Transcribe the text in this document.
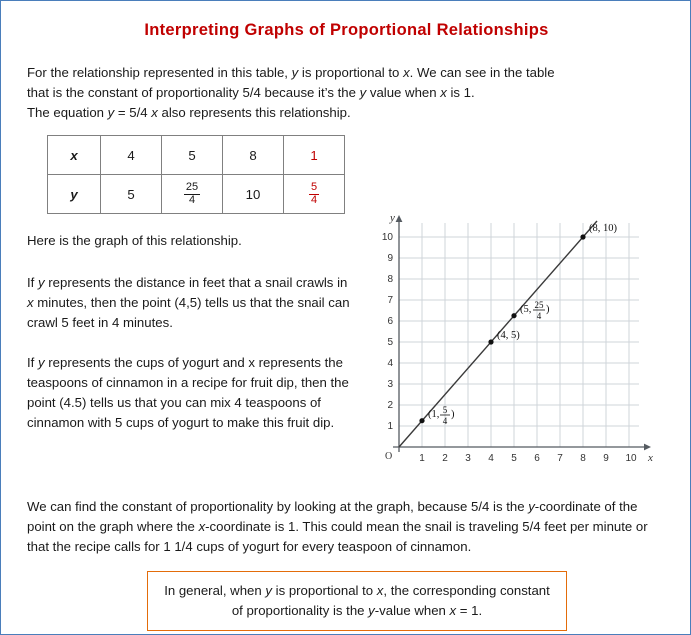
Interpreting Graphs of Proportional Relationships
For the relationship represented in this table, y is proportional to x. We can see in the table
that is the constant of proportionality 5/4 because it’s the y value when x is 1.
The equation y = 5/4 x also represents this relationship.
x	4	5	8	1
y	5	$\frac{25}{4}$	10	$\frac{5}{4}$
Here is the graph of this relationship.
If y represents the distance in feet that a snail crawls in x minutes, then the point (4,5) tells us that the snail can crawl 5 feet in 4 minutes.
If y represents the cups of yogurt and x represents the teaspoons of cinnamon in a recipe for fruit dip, then the point (4.5) tells us that you can mix 4 teaspoons of cinnamon with 5 cups of yogurt to make this fruit dip.
y
x
O	1 2 3 4 5 6 7 8 9 10
1
2
3
4
5
6
7
8
9
10
(8, 10)
(4, 5)
(5, 25
4
)
(1, 5
4
)
We can find the constant of proportionality by looking at the graph, because 5/4 is the y-coordinate of the point on the graph where the x-coordinate is 1. This could mean the snail is traveling 5/4 feet per minute or that the recipe calls for 1 1/4 cups of yogurt for every teaspoon of cinnamon.
In general, when y is proportional to x, the corresponding constant of proportionality is the y-value when x = 1.
